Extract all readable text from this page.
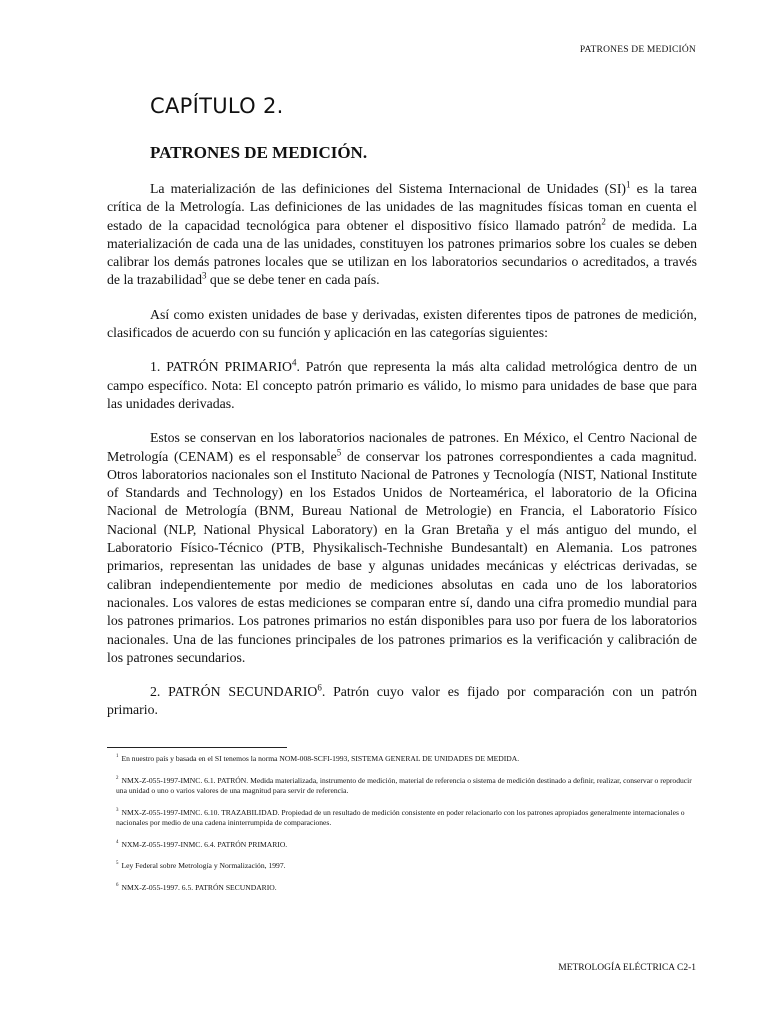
PATRONES DE MEDICIÓN
CAPÍTULO 2.
PATRONES DE MEDICIÓN.

La materialización de las definiciones del Sistema Internacional de Unidades (SI)$^1$ es la tarea crítica de la Metrología. Las definiciones de las unidades de las magnitudes físicas toman en cuenta el estado de la capacidad tecnológica para obtener el dispositivo físico llamado patrón$^2$ de medida. La materialización de cada una de las unidades, constituyen los patrones primarios sobre los cuales se deben calibrar los demás patrones locales que se utilizan en los laboratorios secundarios o acreditados, a través de la trazabilidad$^3$ que se debe tener en cada país.

Así como existen unidades de base y derivadas, existen diferentes tipos de patrones de medición, clasificados de acuerdo con su función y aplicación en las categorías siguientes:

1. PATRÓN PRIMARIO$^4$. Patrón que representa la más alta calidad metrológica dentro de un campo específico. Nota: El concepto patrón primario es válido, lo mismo para unidades de base que para las unidades derivadas.

Estos se conservan en los laboratorios nacionales de patrones. En México, el Centro Nacional de Metrología (CENAM) es el responsable$^5$ de conservar los patrones correspondientes a cada magnitud. Otros laboratorios nacionales son el Instituto Nacional de Patrones y Tecnología (NIST, National Institute of Standards and Technology) en los Estados Unidos de Norteamérica, el laboratorio de la Oficina Nacional de Metrología (BNM, Bureau National de Metrologie) en Francia, el Laboratorio Físico Nacional (NLP, National Physical Laboratory) en la Gran Bretaña y el más antiguo del mundo, el Laboratorio Físico-Técnico (PTB, Physikalisch-Technishe Bundesantalt) en Alemania. Los patrones primarios, representan las unidades de base y algunas unidades mecánicas y eléctricas derivadas, se calibran independientemente por medio de mediciones absolutas en cada uno de los laboratorios nacionales. Los valores de estas mediciones se comparan entre sí, dando una cifra promedio mundial para los patrones primarios. Los patrones primarios no están disponibles para uso por fuera de los laboratorios nacionales. Una de las funciones principales de los patrones primarios es la verificación y calibración de los patrones secundarios.

2. PATRÓN SECUNDARIO$^6$. Patrón cuyo valor es fijado por comparación con un patrón primario.

$^1$ En nuestro país y basada en el SI tenemos la norma NOM-008-SCFI-1993, SISTEMA GENERAL DE UNIDADES DE MEDIDA.
$^2$ NMX-Z-055-1997-IMNC. 6.1. PATRÓN. Medida materializada, instrumento de medición, material de referencia o sistema de medición destinado a definir, realizar, conservar o reproducir una unidad o uno o varios valores de una magnitud para servir de referencia.
$^3$ NMX-Z-055-1997-IMNC. 6.10. TRAZABILIDAD. Propiedad de un resultado de medición consistente en poder relacionarlo con los patrones apropiados generalmente internacionales o nacionales por medio de una cadena ininterrumpida de comparaciones.
$^4$ NXM-Z-055-1997-INMC. 6.4. PATRÓN PRIMARIO.
$^5$ Ley Federal sobre Metrología y Normalización, 1997.
$^6$ NMX-Z-055-1997. 6.5. PATRÓN SECUNDARIO.
METROLOGÍA ELÉCTRICA C2-1
